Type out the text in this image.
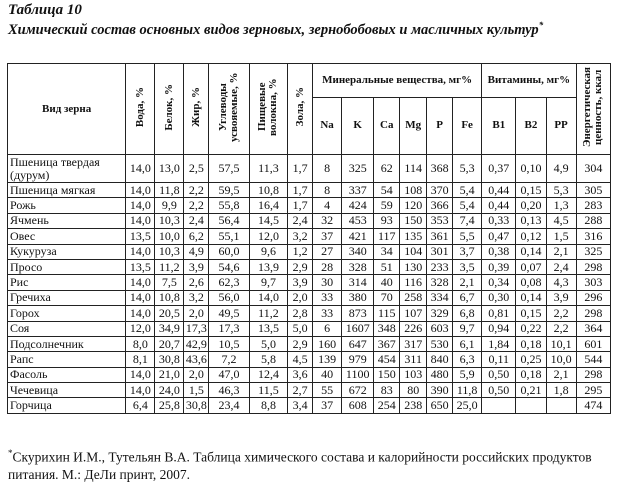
Таблица 10
Химический состав основных видов зерновых, зернобобовых и масличных культур*
Вид зерна	Вода, %	Белок, %	Жир, %	Углеводы усвояемые, %	Пищевые волокна, %	Зола, %	Минеральные вещества, мг%						Витамины, мг%			Энергетическая ценность, ккал
							Na	K	Ca	Mg	P	Fe	B1	B2	PP	
Пшеница твердая (дурум)	14,0	13,0	2,5	57,5	11,3	1,7	8	325	62	114	368	5,3	0,37	0,10	4,9	304
Пшеница мягкая	14,0	11,8	2,2	59,5	10,8	1,7	8	337	54	108	370	5,4	0,44	0,15	5,3	305
Рожь	14,0	9,9	2,2	55,8	16,4	1,7	4	424	59	120	366	5,4	0,44	0,20	1,3	283
Ячмень	14,0	10,3	2,4	56,4	14,5	2,4	32	453	93	150	353	7,4	0,33	0,13	4,5	288
Овес	13,5	10,0	6,2	55,1	12,0	3,2	37	421	117	135	361	5,5	0,47	0,12	1,5	316
Кукуруза	14,0	10,3	4,9	60,0	9,6	1,2	27	340	34	104	301	3,7	0,38	0,14	2,1	325
Просо	13,5	11,2	3,9	54,6	13,9	2,9	28	328	51	130	233	3,5	0,39	0,07	2,4	298
Рис	14,0	7,5	2,6	62,3	9,7	3,9	30	314	40	116	328	2,1	0,34	0,08	4,3	303
Гречиха	14,0	10,8	3,2	56,0	14,0	2,0	33	380	70	258	334	6,7	0,30	0,14	3,9	296
Горох	14,0	20,5	2,0	49,5	11,2	2,8	33	873	115	107	329	6,8	0,81	0,15	2,2	298
Соя	12,0	34,9	17,3	17,3	13,5	5,0	6	1607	348	226	603	9,7	0,94	0,22	2,2	364
Подсолнечник	8,0	20,7	42,9	10,5	5,0	2,9	160	647	367	317	530	6,1	1,84	0,18	10,1	601
Рапс	8,1	30,8	43,6	7,2	5,8	4,5	139	979	454	311	840	6,3	0,11	0,25	10,0	544
Фасоль	14,0	21,0	2,0	47,0	12,4	3,6	40	1100	150	103	480	5,9	0,50	0,18	2,1	298
Чечевица	14,0	24,0	1,5	46,3	11,5	2,7	55	672	83	80	390	11,8	0,50	0,21	1,8	295
Горчица	6,4	25,8	30,8	23,4	8,8	3,4	37	608	254	238	650	25,0				474
*Скурихин И.М., Тутельян В.А. Таблица химического состава и калорийности российских продуктов питания. М.: ДеЛи принт, 2007.
